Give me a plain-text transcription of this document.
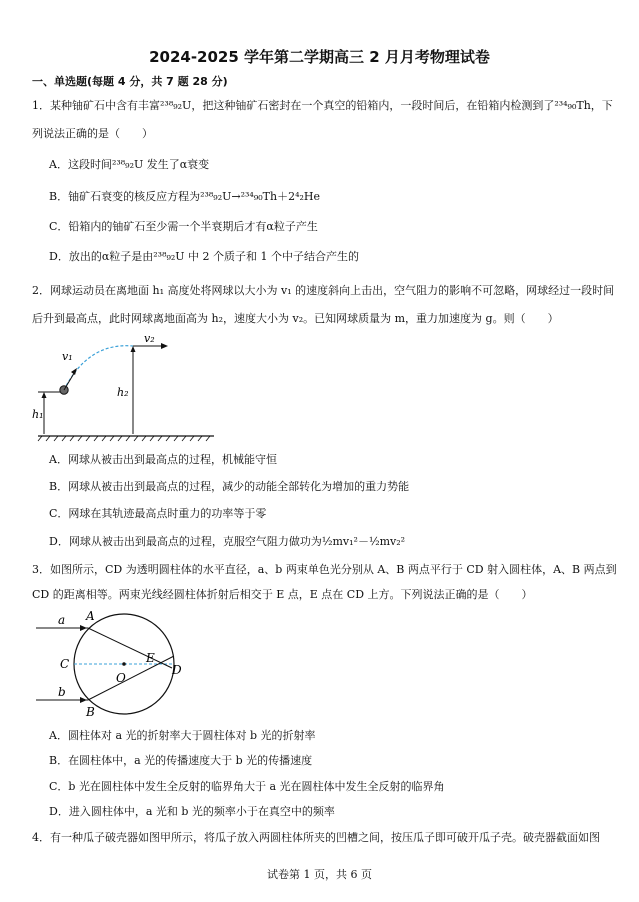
2024-2025 学年第二学期高三 2 月月考物理试卷
一、单选题(每题 4 分，共 7 题 28 分)
1．某种铀矿石中含有丰富²³⁸₉₂U，把这种铀矿石密封在一个真空的铅箱内，一段时间后，在铅箱内检测到了²³⁴₉₀Th，下
列说法正确的是（　　）
A．这段时间²³⁸₉₂U 发生了α衰变
B．铀矿石衰变的核反应方程为²³⁸₉₂U→²³⁴₉₀Th＋2⁴₂He
C．铅箱内的铀矿石至少需一个半衰期后才有α粒子产生
D．放出的α粒子是由²³⁸₉₂U 中 2 个质子和 1 个中子结合产生的
2．网球运动员在离地面 h₁ 高度处将网球以大小为 v₁ 的速度斜向上击出，空气阻力的影响不可忽略，网球经过一段时间
后升到最高点，此时网球离地面高为 h₂，速度大小为 v₂。已知网球质量为 m，重力加速度为 g。则（　　）
h₁
v₁
v₂
h₂
A．网球从被击出到最高点的过程，机械能守恒
B．网球从被击出到最高点的过程，减少的动能全部转化为增加的重力势能
C．网球在其轨迹最高点时重力的功率等于零
D．网球从被击出到最高点的过程，克服空气阻力做功为½mv₁²－½mv₂²
3．如图所示，CD 为透明圆柱体的水平直径，a、b 两束单色光分别从 A、B 两点平行于 CD 射入圆柱体，A、B 两点到
CD 的距离相等。两束光线经圆柱体折射后相交于 E 点，E 点在 CD 上方。下列说法正确的是（　　）
a A
b
B
C	D
E
O
A．圆柱体对 a 光的折射率大于圆柱体对 b 光的折射率
B．在圆柱体中，a 光的传播速度大于 b 光的传播速度
C．b 光在圆柱体中发生全反射的临界角大于 a 光在圆柱体中发生全反射的临界角
D．进入圆柱体中，a 光和 b 光的频率小于在真空中的频率
4．有一种瓜子破壳器如图甲所示，将瓜子放入两圆柱体所夹的凹槽之间，按压瓜子即可破开瓜子壳。破壳器截面如图
试卷第 1 页，共 6 页
